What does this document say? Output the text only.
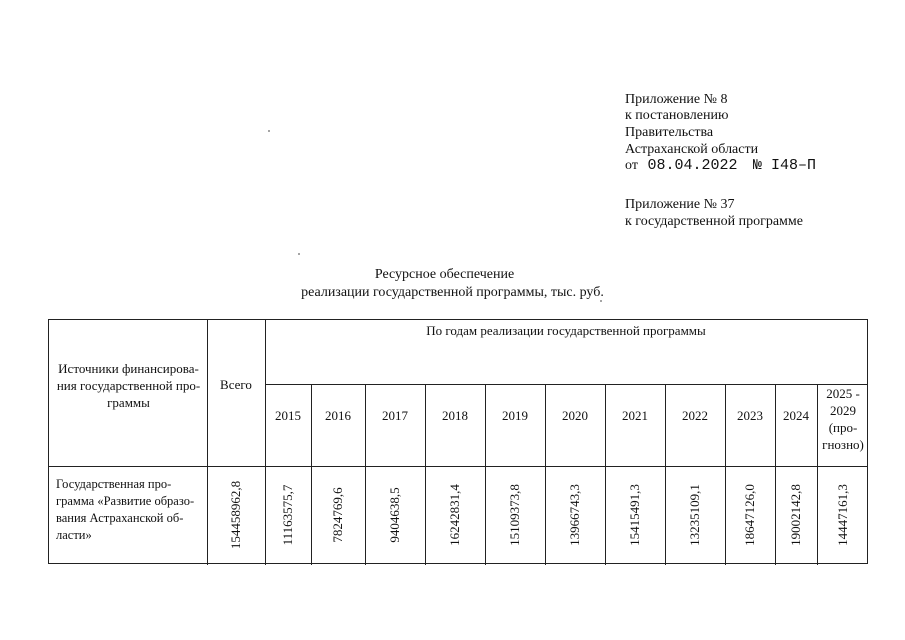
Приложение № 8
к постановлению
Правительства
Астраханской области
от 08.04.2022 № I48–П
Приложение № 37
к государственной программе
Ресурсное обеспечение
реализации государственной программы, тыс. руб.
Источники финансирова-ния государственной про-граммы
Всего
По годам реализации государственной программы
2015	2016	2017	2018	2019	2020	2021	2022	2023	2024
2025 -
2029
(про-
гнозно)
Государственная про-грамма «Развитие образо-вания Астраханской об-ласти»	154458962,8	11163575,7	7824769,6	9404638,5	16242831,4	15109373,8	13966743,3	15415491,3	13235109,1	18647126,0 19002142,8 14447161,3
